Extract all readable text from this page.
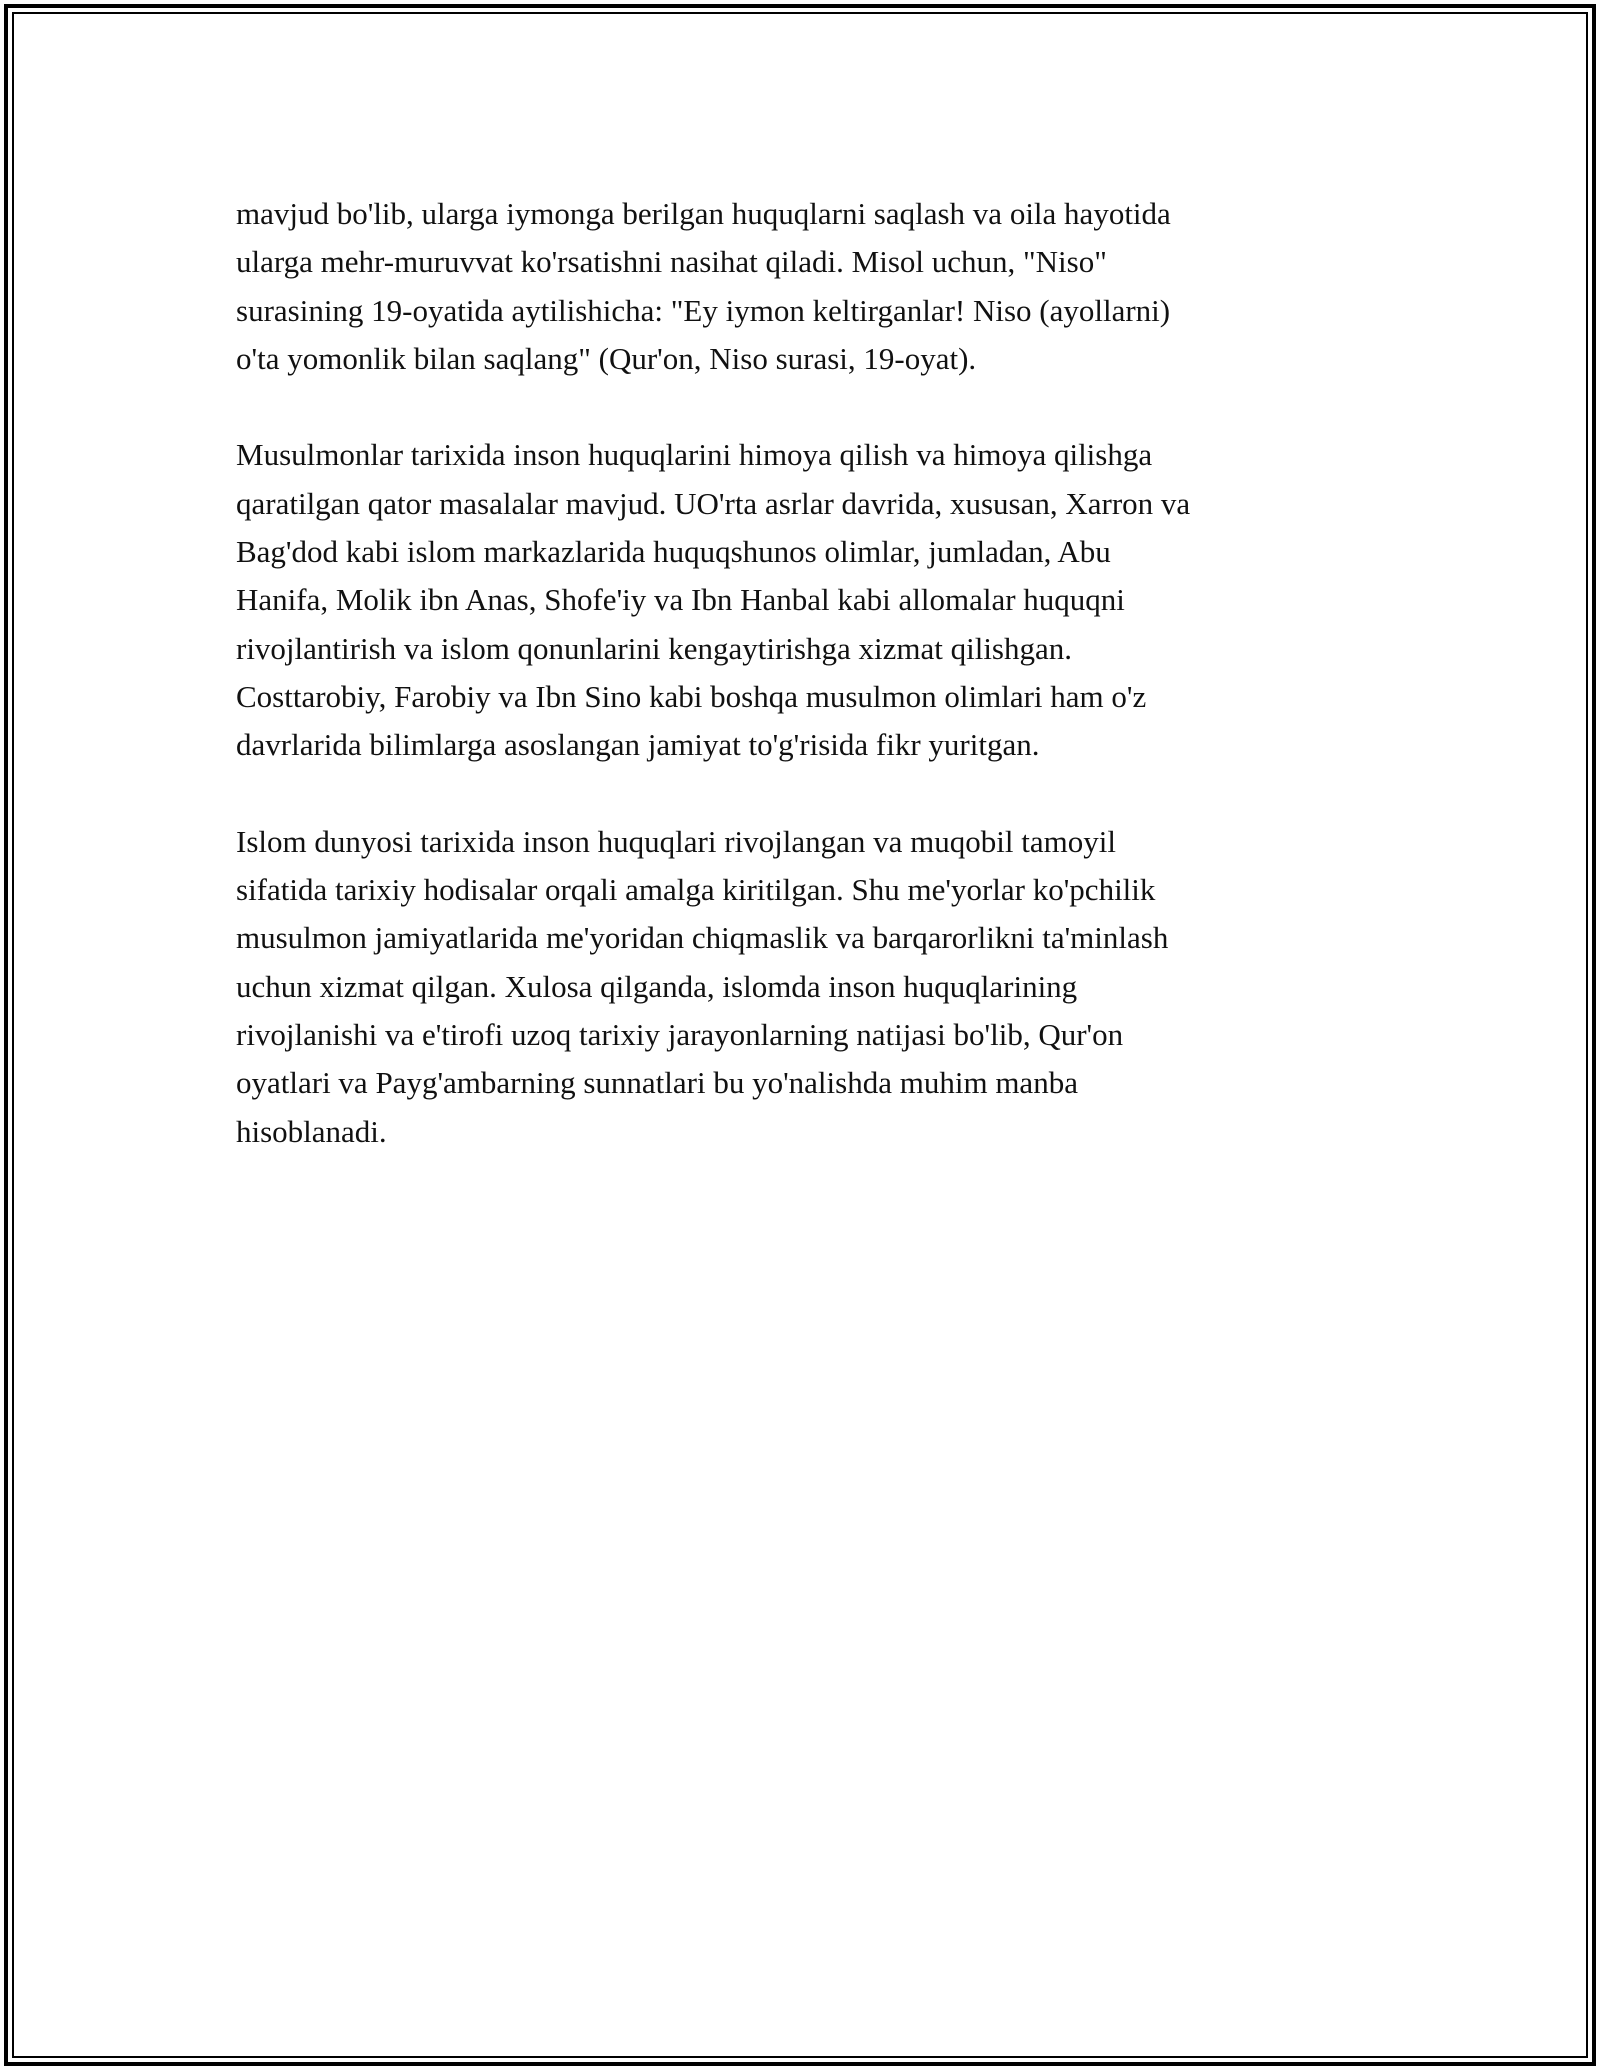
mavjud bo'lib, ularga iymonga berilgan huquqlarni saqlash va oila hayotida
ularga mehr-muruvvat ko'rsatishni nasihat qiladi. Misol uchun, "Niso"
surasining 19-oyatida aytilishicha: "Ey iymon keltirganlar! Niso (ayollarni)
o'ta yomonlik bilan saqlang" (Qur'on, Niso surasi, 19-oyat).

Musulmonlar tarixida inson huquqlarini himoya qilish va himoya qilishga
qaratilgan qator masalalar mavjud. UO'rta asrlar davrida, xususan, Xarron va
Bag'dod kabi islom markazlarida huquqshunos olimlar, jumladan, Abu
Hanifa, Molik ibn Anas, Shofe'iy va Ibn Hanbal kabi allomalar huquqni
rivojlantirish va islom qonunlarini kengaytirishga xizmat qilishgan.
Costtarobiy, Farobiy va Ibn Sino kabi boshqa musulmon olimlari ham o'z
davrlarida bilimlarga asoslangan jamiyat to'g'risida fikr yuritgan.

Islom dunyosi tarixida inson huquqlari rivojlangan va muqobil tamoyil
sifatida tarixiy hodisalar orqali amalga kiritilgan. Shu me'yorlar ko'pchilik
musulmon jamiyatlarida me'yoridan chiqmaslik va barqarorlikni ta'minlash
uchun xizmat qilgan. Xulosa qilganda, islomda inson huquqlarining
rivojlanishi va e'tirofi uzoq tarixiy jarayonlarning natijasi bo'lib, Qur'on
oyatlari va Payg'ambarning sunnatlari bu yo'nalishda muhim manba
hisoblanadi.
